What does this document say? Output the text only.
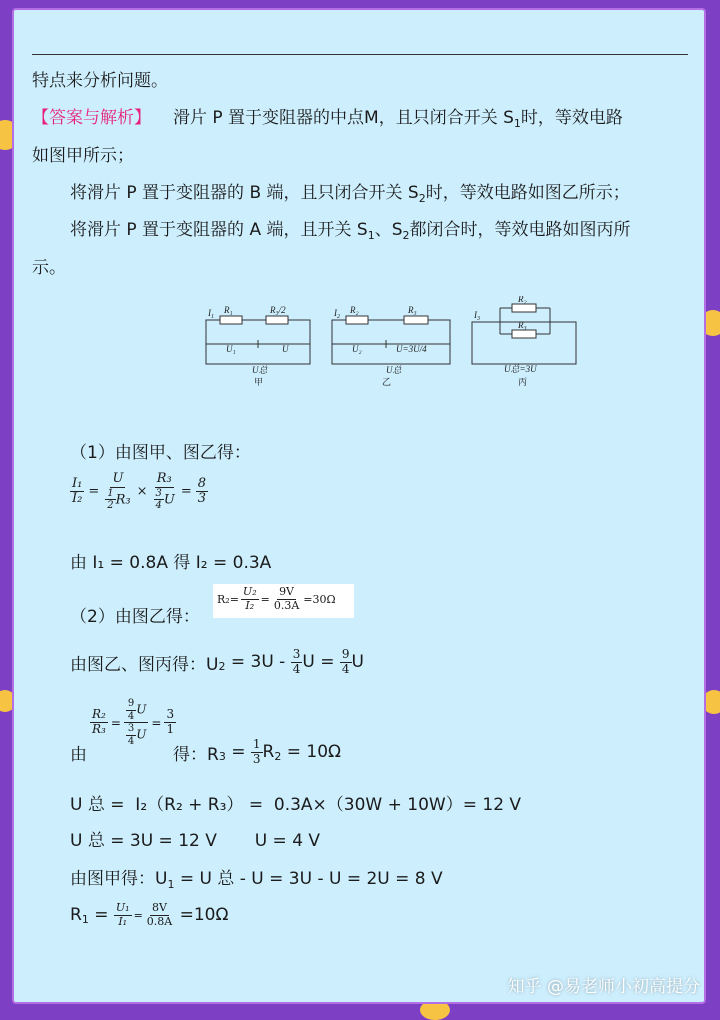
特点来分析问题。
【答案与解析】 滑片 P 置于变阻器的中点M，且只闭合开关 $S_1$时，等效电路
如图甲所示；
将滑片 P 置于变阻器的 B 端，且只闭合开关 $S_2$时，等效电路如图乙所示；
将滑片 P 置于变阻器的 A 端，且开关 $S_1$、$S_2$都闭合时，等效电路如图丙所
示。
$I_1$
R₁	R₃/2
U₁	U
U总
甲
$I_2$
R₂	R₃
U₂	U=3U/4
U总
乙
$I_3$
R₂
R₃
U总=3U
丙
（1）由图甲、图乙得：
$\frac{\text{I₁}}{\text{I₂}} = \frac{U}{\frac{1}{2} R_3} \times \frac{\text{R₃}}{\frac{3}{4} U} = \frac{8}{3}$
由 I₁ = 0.8A 得 I₂ = 0.3A
（2）由图乙得：
$R_2= \frac{\text{U₂}}{\text{I₂}} = \frac{9V}{0.3A} =30\Omega$
由图乙、图丙得：U $2 = 3U - \frac{3}{4}$ $U = \frac{9}{4}$ U
$\frac{\text{R₂}}{\text{R₃}} = \frac{\frac{9}{4} U}{\frac{3}{4} U} = \frac{3}{1}$
由	得：R $3 = \frac{1}{3}$ R 2 = 10Ω
U 总 =  I₂（R₂ + R₃） =  0.3A×（30W + 10W）= 12 V
U 总 = 3U = 12 V       U = 4 V
由图甲得：$U_1 = U$ 总 - U = 3U - U = 2U = 8 V
R $1 = \frac{\text{U₁}}{\text{I₁}} = \frac{8V}{0.8A} =10\Omega$
知乎 @易老师小初高提分
